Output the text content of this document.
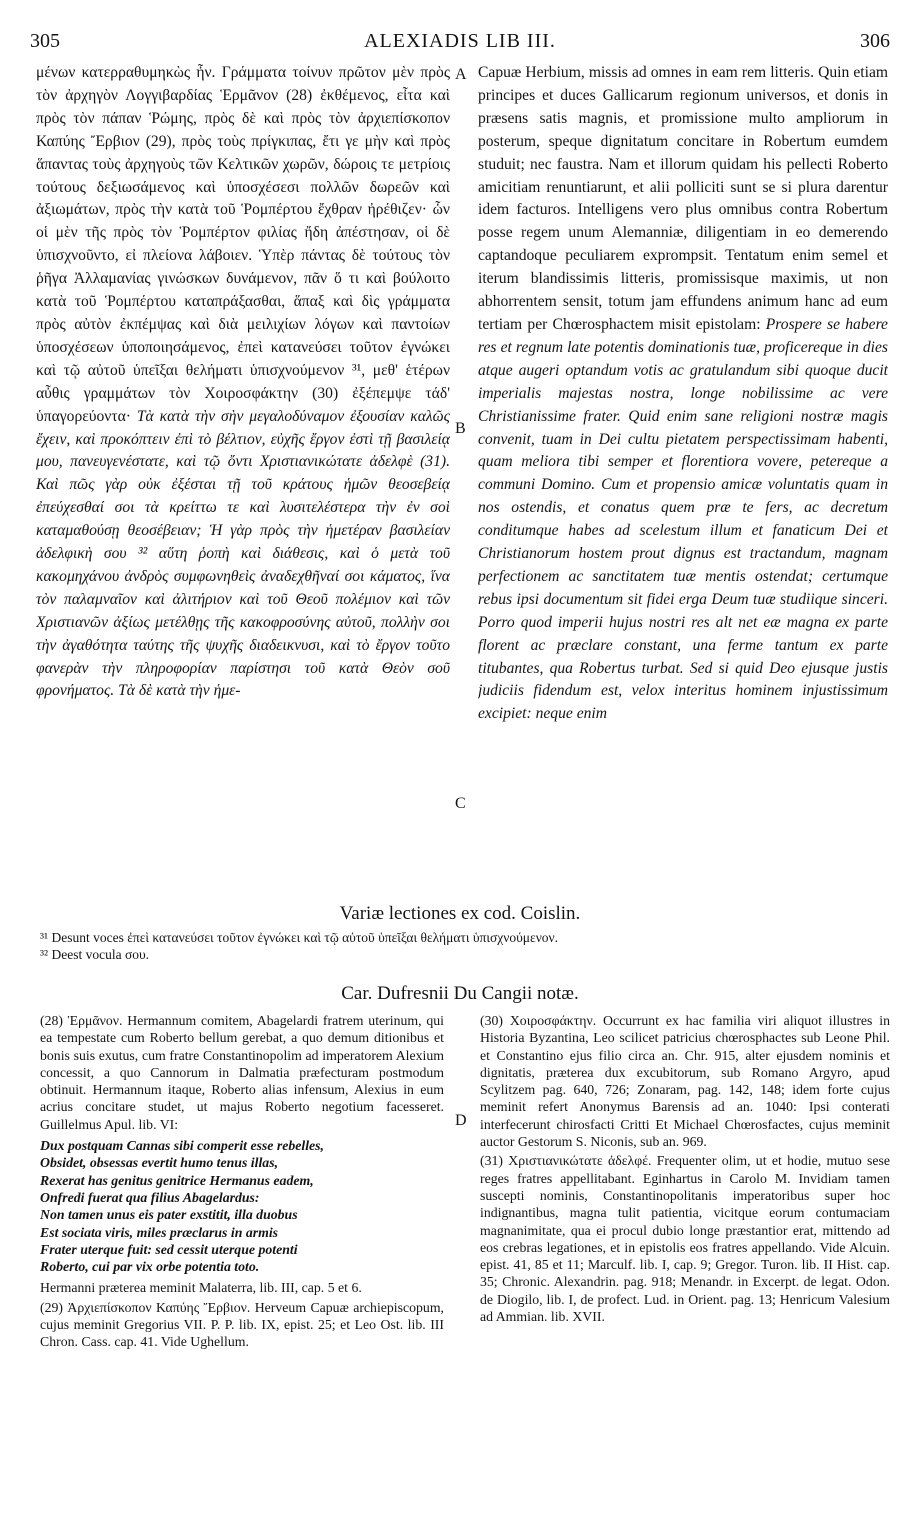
305	ALEXIADIS LIB III.	306

μένων κατερραθυμηκὼς ἦν. Γράμματα τοίνυν πρῶτον μὲν πρὸς τὸν ἀρχηγὸν Λογγιβαρδίας Ἑρμᾶνον (28) ἐκθέμενος, εἶτα καὶ πρὸς τὸν πάπαν Ῥώμης, πρὸς δὲ καὶ πρὸς τὸν ἀρχιεπίσκοπον Καπύης Ἔρβιον (29), πρὸς τοὺς πρίγκιπας, ἔτι γε μὴν καὶ πρὸς ἅπαντας τοὺς ἀρχηγοὺς τῶν Κελτικῶν χωρῶν, δώροις τε μετρίοις τούτους δεξιωσάμενος καὶ ὑποσχέσεσι πολλῶν δωρεῶν καὶ ἀξιωμάτων, πρὸς τὴν κατὰ τοῦ Ῥομπέρτου ἔχθραν ἠρέθιζεν· ὧν οἱ μὲν τῆς πρὸς τὸν Ῥομπέρτον φιλίας ἤδη ἀπέστησαν, οἱ δὲ ὑπισχνοῦντο, εἰ πλείονα λάβοιεν. Ὑπὲρ πάντας δὲ τούτους τὸν ῥῆγα Ἀλλαμανίας γινώσκων δυνάμενον, πᾶν ὅ τι καὶ βούλοιτο κατὰ τοῦ Ῥομπέρτου καταπράξασθαι, ἅπαξ καὶ δὶς γράμματα πρὸς αὐτὸν ἐκπέμψας καὶ διὰ μειλιχίων λόγων καὶ παντοίων ὑποσχέσεων ὑποποιησάμενος, ἐπεὶ κατανεύσει τοῦτον ἐγνώκει καὶ τῷ αὐτοῦ ὑπεῖξαι θελήματι ὑπισχνούμενον ³¹, μεθ' ἑτέρων αὖθις γραμμάτων τὸν Χοιροσφάκτην (30) ἐξέπεμψε τάδ' ὑπαγορεύοντα· Τὰ κατὰ τὴν σὴν μεγαλοδύναμον ἐξουσίαν καλῶς ἔχειν, καὶ προκόπτειν ἐπὶ τὸ βέλτιον, εὐχῆς ἔργον ἐστὶ τῇ βασιλείᾳ μου, πανευγενέστατε, καὶ τῷ ὄντι Χριστιανικώτατε ἀδελφὲ (31). Καὶ πῶς γὰρ οὐκ ἐξέσται τῇ τοῦ κράτους ἡμῶν θεοσεβείᾳ ἐπεύχεσθαί σοι τὰ κρείττω τε καὶ λυσιτελέστερα τὴν ἐν σοὶ καταμαθούσῃ θεοσέβειαν; Ἡ γὰρ πρὸς τὴν ἡμετέραν βασιλείαν ἀδελφικὴ σου ³² αὕτη ῥοπὴ καὶ διάθεσις, καὶ ὁ μετὰ τοῦ κακομηχάνου ἀνδρὸς συμφωνηθεὶς ἀναδεχθῆναί σοι κάματος, ἵνα τὸν παλαμναῖον καὶ ἀλιτήριον καὶ τοῦ Θεοῦ πολέμιον καὶ τῶν Χριστιανῶν ἀξίως μετέλθῃς τῆς κακοφροσύνης αὐτοῦ, πολλὴν σοι τὴν ἀγαθότητα ταύτης τῆς ψυχῆς διαδεικνυσι, καὶ τὸ ἔργον τοῦτο φανερὰν τὴν πληροφορίαν παρίστησι τοῦ κατὰ Θεὸν σοῦ φρονήματος. Τὰ δὲ κατὰ τὴν ἡμε-

A
B
C

Capuæ Herbium, missis ad omnes in eam rem litteris. Quin etiam principes et duces Gallicarum regionum universos, et donis in præsens satis magnis, et promissione multo ampliorum in posterum, speque dignitatum concitare in Robertum eumdem studuit; nec faustra. Nam et illorum quidam his pellecti Roberto amicitiam renuntiarunt, et alii polliciti sunt se si plura darentur idem facturos. Intelligens vero plus omnibus contra Robertum posse regem unum Alemanniæ, diligentiam in eo demerendo captandoque peculiarem exprompsit. Tentatum enim semel et iterum blandissimis litteris, promissisque maximis, ut non abhorrentem sensit, totum jam effundens animum hanc ad eum tertiam per Chœrosphactem misit epistolam: Prospere se habere res et regnum late potentis dominationis tuæ, proficereque in dies atque augeri optandum votis ac gratulandum sibi quoque ducit imperialis majestas nostra, longe nobilissime ac vere Christianissime frater. Quid enim sane religioni nostræ magis convenit, tuam in Dei cultu pietatem perspectissimam habenti, quam meliora tibi semper et florentiora vovere, petereque a communi Domino. Cum et propensio amicæ voluntatis quam in nos ostendis, et conatus quem præ te fers, ac decretum conditumque habes ad scelestum illum et fanaticum Dei et Christianorum hostem prout dignus est tractandum, magnam perfectionem ac sanctitatem tuæ mentis ostendat; certumque rebus ipsi documentum sit fidei erga Deum tuæ studiique sinceri. Porro quod imperii hujus nostri res alt net eæ magna ex parte florent ac præclare constant, una ferme tantum ex parte titubantes, qua Robertus turbat. Sed si quid Deo ejusque justis judiciis fidendum est, velox interitus hominem injustissimum excipiet: neque enim

Variæ lectiones ex cod. Coislin.

³¹ Desunt voces ἐπεὶ κατανεύσει τοῦτον ἐγνώκει καὶ τῷ αὐτοῦ ὑπεῖξαι θελήματι ὑπισχνούμενον.

³² Deest vocula σου.

Car. Dufresnii Du Cangii notæ.

(28) Ἑρμᾶνον. Hermannum comitem, Abagelardi fratrem uterinum, qui ea tempestate cum Roberto bellum gerebat, a quo demum ditionibus et bonis suis exutus, cum fratre Constantinopolim ad imperatorem Alexium concessit, a quo Cannorum in Dalmatia præfecturam postmodum obtinuit. Hermannum itaque, Roberto alias infensum, Alexius in eum acrius concitare studet, ut majus Roberto negotium facesseret. Guillelmus Apul. lib. VI:

Dux postquam Cannas sibi comperit esse rebelles,
Obsidet, obsessas evertit humo tenus illas,
Rexerat has genitus genitrice Hermanus eadem,
Onfredi fuerat qua filius Abagelardus:
Non tamen unus eis pater exstitit, illa duobus
Est sociata viris, miles præclarus in armis
Frater uterque fuit: sed cessit uterque potenti
Roberto, cui par vix orbe potentia toto.

Hermanni præterea meminit Malaterra, lib. III, cap. 5 et 6.

(29) Ἀρχιεπίσκοπον Καπύης Ἔρβιον. Herveum Capuæ archiepiscopum, cujus meminit Gregorius VII. P. P. lib. IX, epist. 25; et Leo Ost. lib. III Chron. Cass. cap. 41. Vide Ughellum.

D

(30) Χοιροσφάκτην. Occurrunt ex hac familia viri aliquot illustres in Historia Byzantina, Leo scilicet patricius chœrosphactes sub Leone Phil. et Constantino ejus filio circa an. Chr. 915, alter ejusdem nominis et dignitatis, præterea dux excubitorum, sub Romano Argyro, apud Scylitzem pag. 640, 726; Zonaram, pag. 142, 148; idem forte cujus meminit refert Anonymus Barensis ad an. 1040: Ipsi conterati interfecerunt chirosfacti Critti Et Michael Chœrosfactes, cujus meminit auctor Gestorum S. Niconis, sub an. 969.

(31) Χριστιανικώτατε ἀδελφέ. Frequenter olim, ut et hodie, mutuo sese reges fratres appellitabant. Eginhartus in Carolo M. Invidiam tamen suscepti nominis, Constantinopolitanis imperatoribus super hoc indignantibus, magna tulit patientia, vicitque eorum contumaciam magnanimitate, qua ei procul dubio longe præstantior erat, mittendo ad eos crebras legationes, et in epistolis eos fratres appellando. Vide Alcuin. epist. 41, 85 et 11; Marculf. lib. I, cap. 9; Gregor. Turon. lib. II Hist. cap. 35; Chronic. Alexandrin. pag. 918; Menandr. in Excerpt. de legat. Odon. de Diogilo, lib. I, de profect. Lud. in Orient. pag. 13; Henricum Valesium ad Ammian. lib. XVII.
